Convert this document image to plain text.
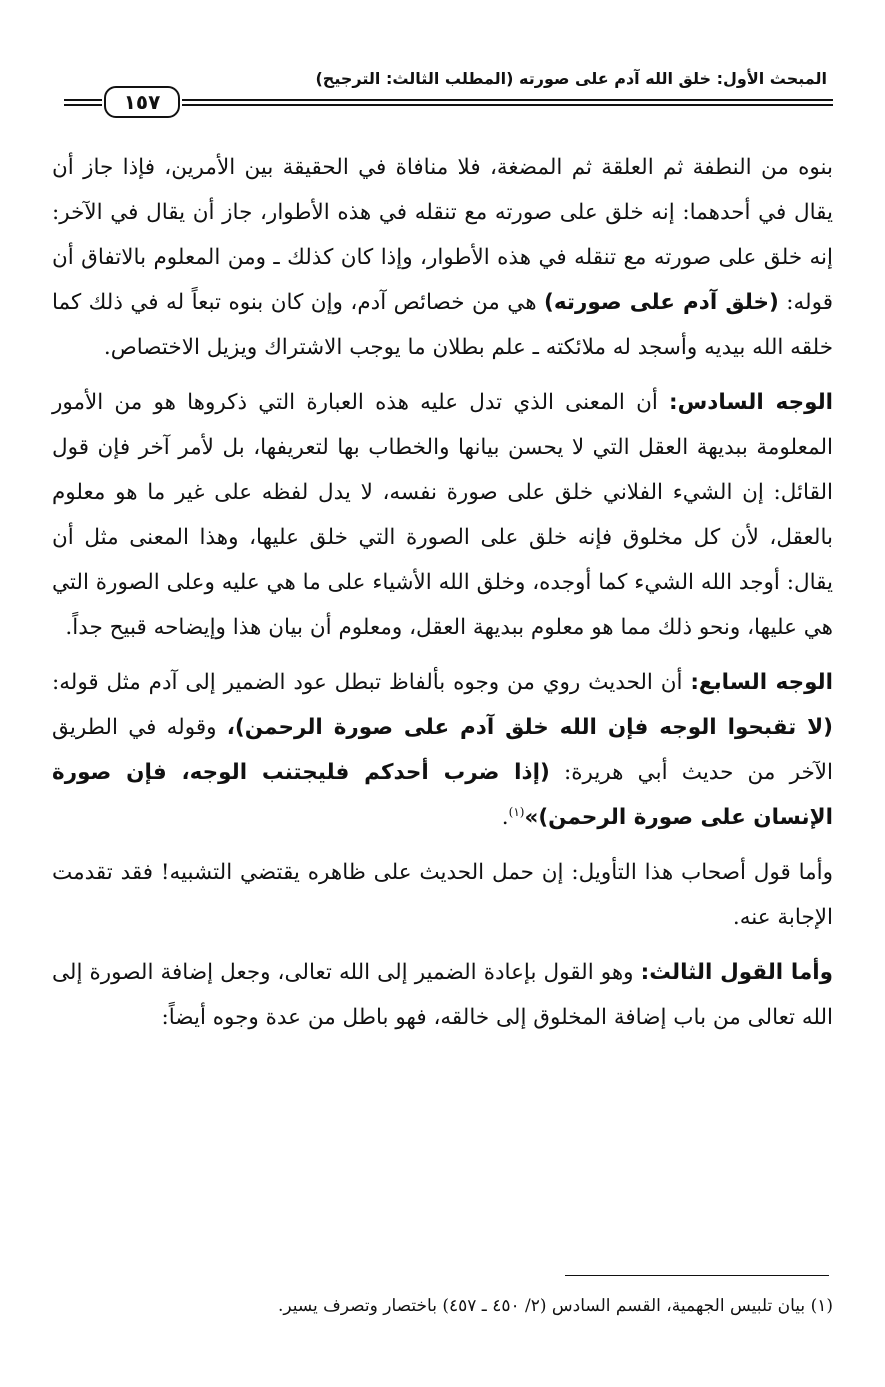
المبحث الأول: خلق الله آدم على صورته (المطلب الثالث: الترجيح)
١٥٧

بنوه من النطفة ثم العلقة ثم المضغة، فلا منافاة في الحقيقة بين الأمرين، فإذا جاز أن يقال في أحدهما: إنه خلق على صورته مع تنقله في هذه الأطوار، جاز أن يقال في الآخر: إنه خلق على صورته مع تنقله في هذه الأطوار، وإذا كان كذلك ـ ومن المعلوم بالاتفاق أن قوله: (خلق آدم على صورته) هي من خصائص آدم، وإن كان بنوه تبعاً له في ذلك كما خلقه الله بيديه وأسجد له ملائكته ـ علم بطلان ما يوجب الاشتراك ويزيل الاختصاص.

الوجه السادس: أن المعنى الذي تدل عليه هذه العبارة التي ذكروها هو من الأمور المعلومة ببديهة العقل التي لا يحسن بيانها والخطاب بها لتعريفها، بل لأمر آخر فإن قول القائل: إن الشيء الفلاني خلق على صورة نفسه، لا يدل لفظه على غير ما هو معلوم بالعقل، لأن كل مخلوق فإنه خلق على الصورة التي خلق عليها، وهذا المعنى مثل أن يقال: أوجد الله الشيء كما أوجده، وخلق الله الأشياء على ما هي عليه وعلى الصورة التي هي عليها، ونحو ذلك مما هو معلوم ببديهة العقل، ومعلوم أن بيان هذا وإيضاحه قبيح جداً.

الوجه السابع: أن الحديث روي من وجوه بألفاظ تبطل عود الضمير إلى آدم مثل قوله: (لا تقبحوا الوجه فإن الله خلق آدم على صورة الرحمن)، وقوله في الطريق الآخر من حديث أبي هريرة: (إذا ضرب أحدكم فليجتنب الوجه، فإن صورة الإنسان على صورة الرحمن)»$^{(١)}$.

وأما قول أصحاب هذا التأويل: إن حمل الحديث على ظاهره يقتضي التشبيه! فقد تقدمت الإجابة عنه.

وأما القول الثالث: وهو القول بإعادة الضمير إلى الله تعالى، وجعل إضافة الصورة إلى الله تعالى من باب إضافة المخلوق إلى خالقه، فهو باطل من عدة وجوه أيضاً:

(١) بيان تلبيس الجهمية، القسم السادس (٢/ ٤٥٠ ـ ٤٥٧) باختصار وتصرف يسير.
